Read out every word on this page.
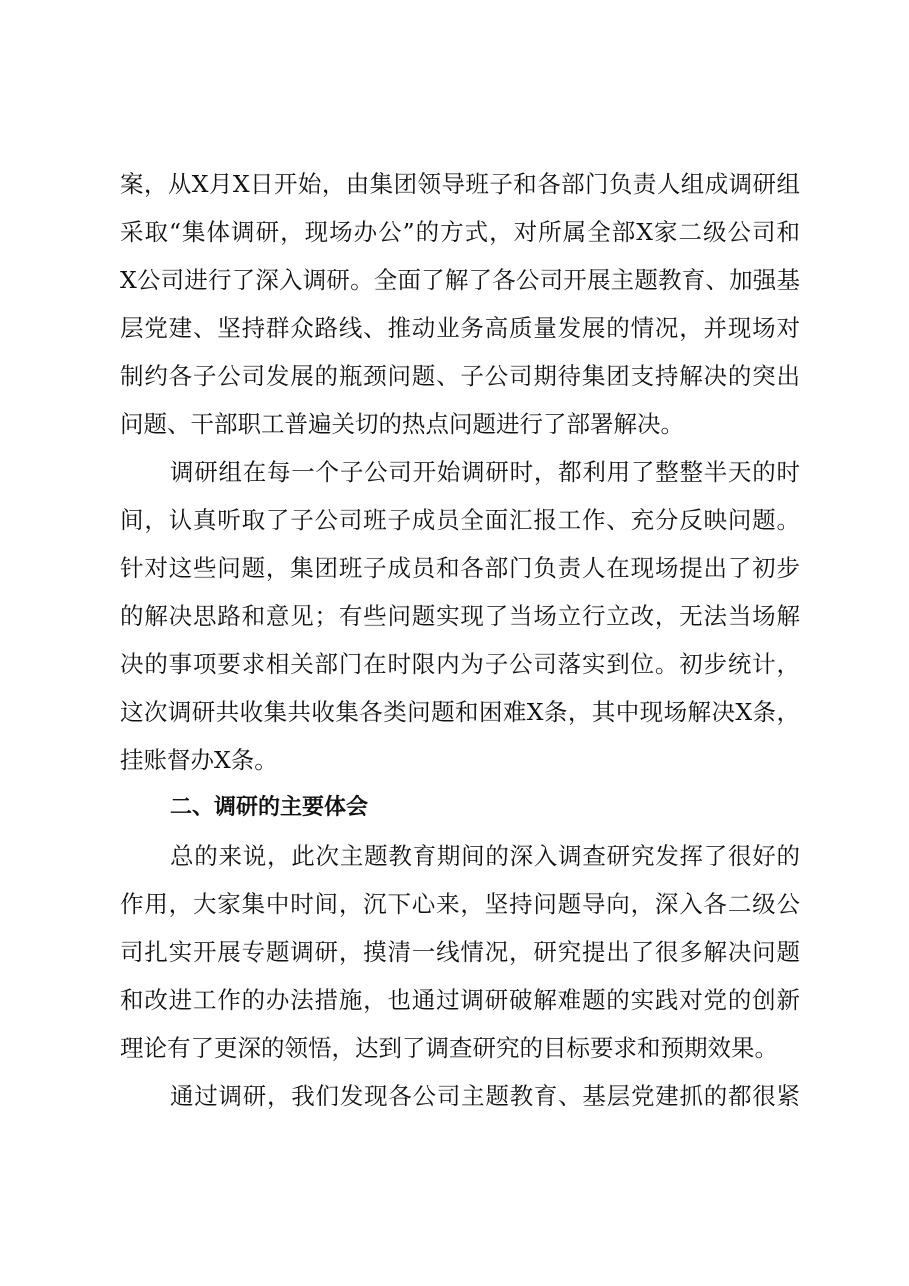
案，从X月X日开始，由集团领导班子和各部门负责人组成调研组
采取“集体调研，现场办公”的方式，对所属全部X家二级公司和
X公司进行了深入调研。全面了解了各公司开展主题教育、加强基
层党建、坚持群众路线、推动业务高质量发展的情况，并现场对
制约各子公司发展的瓶颈问题、子公司期待集团支持解决的突出
问题、干部职工普遍关切的热点问题进行了部署解决。
调研组在每一个子公司开始调研时，都利用了整整半天的时
间，认真听取了子公司班子成员全面汇报工作、充分反映问题。
针对这些问题，集团班子成员和各部门负责人在现场提出了初步
的解决思路和意见；有些问题实现了当场立行立改，无法当场解
决的事项要求相关部门在时限内为子公司落实到位。初步统计，
这次调研共收集共收集各类问题和困难X条，其中现场解决X条，
挂账督办X条。
二、调研的主要体会
总的来说，此次主题教育期间的深入调查研究发挥了很好的
作用，大家集中时间，沉下心来，坚持问题导向，深入各二级公
司扎实开展专题调研，摸清一线情况，研究提出了很多解决问题
和改进工作的办法措施，也通过调研破解难题的实践对党的创新
理论有了更深的领悟，达到了调查研究的目标要求和预期效果。
通过调研，我们发现各公司主题教育、基层党建抓的都很紧
